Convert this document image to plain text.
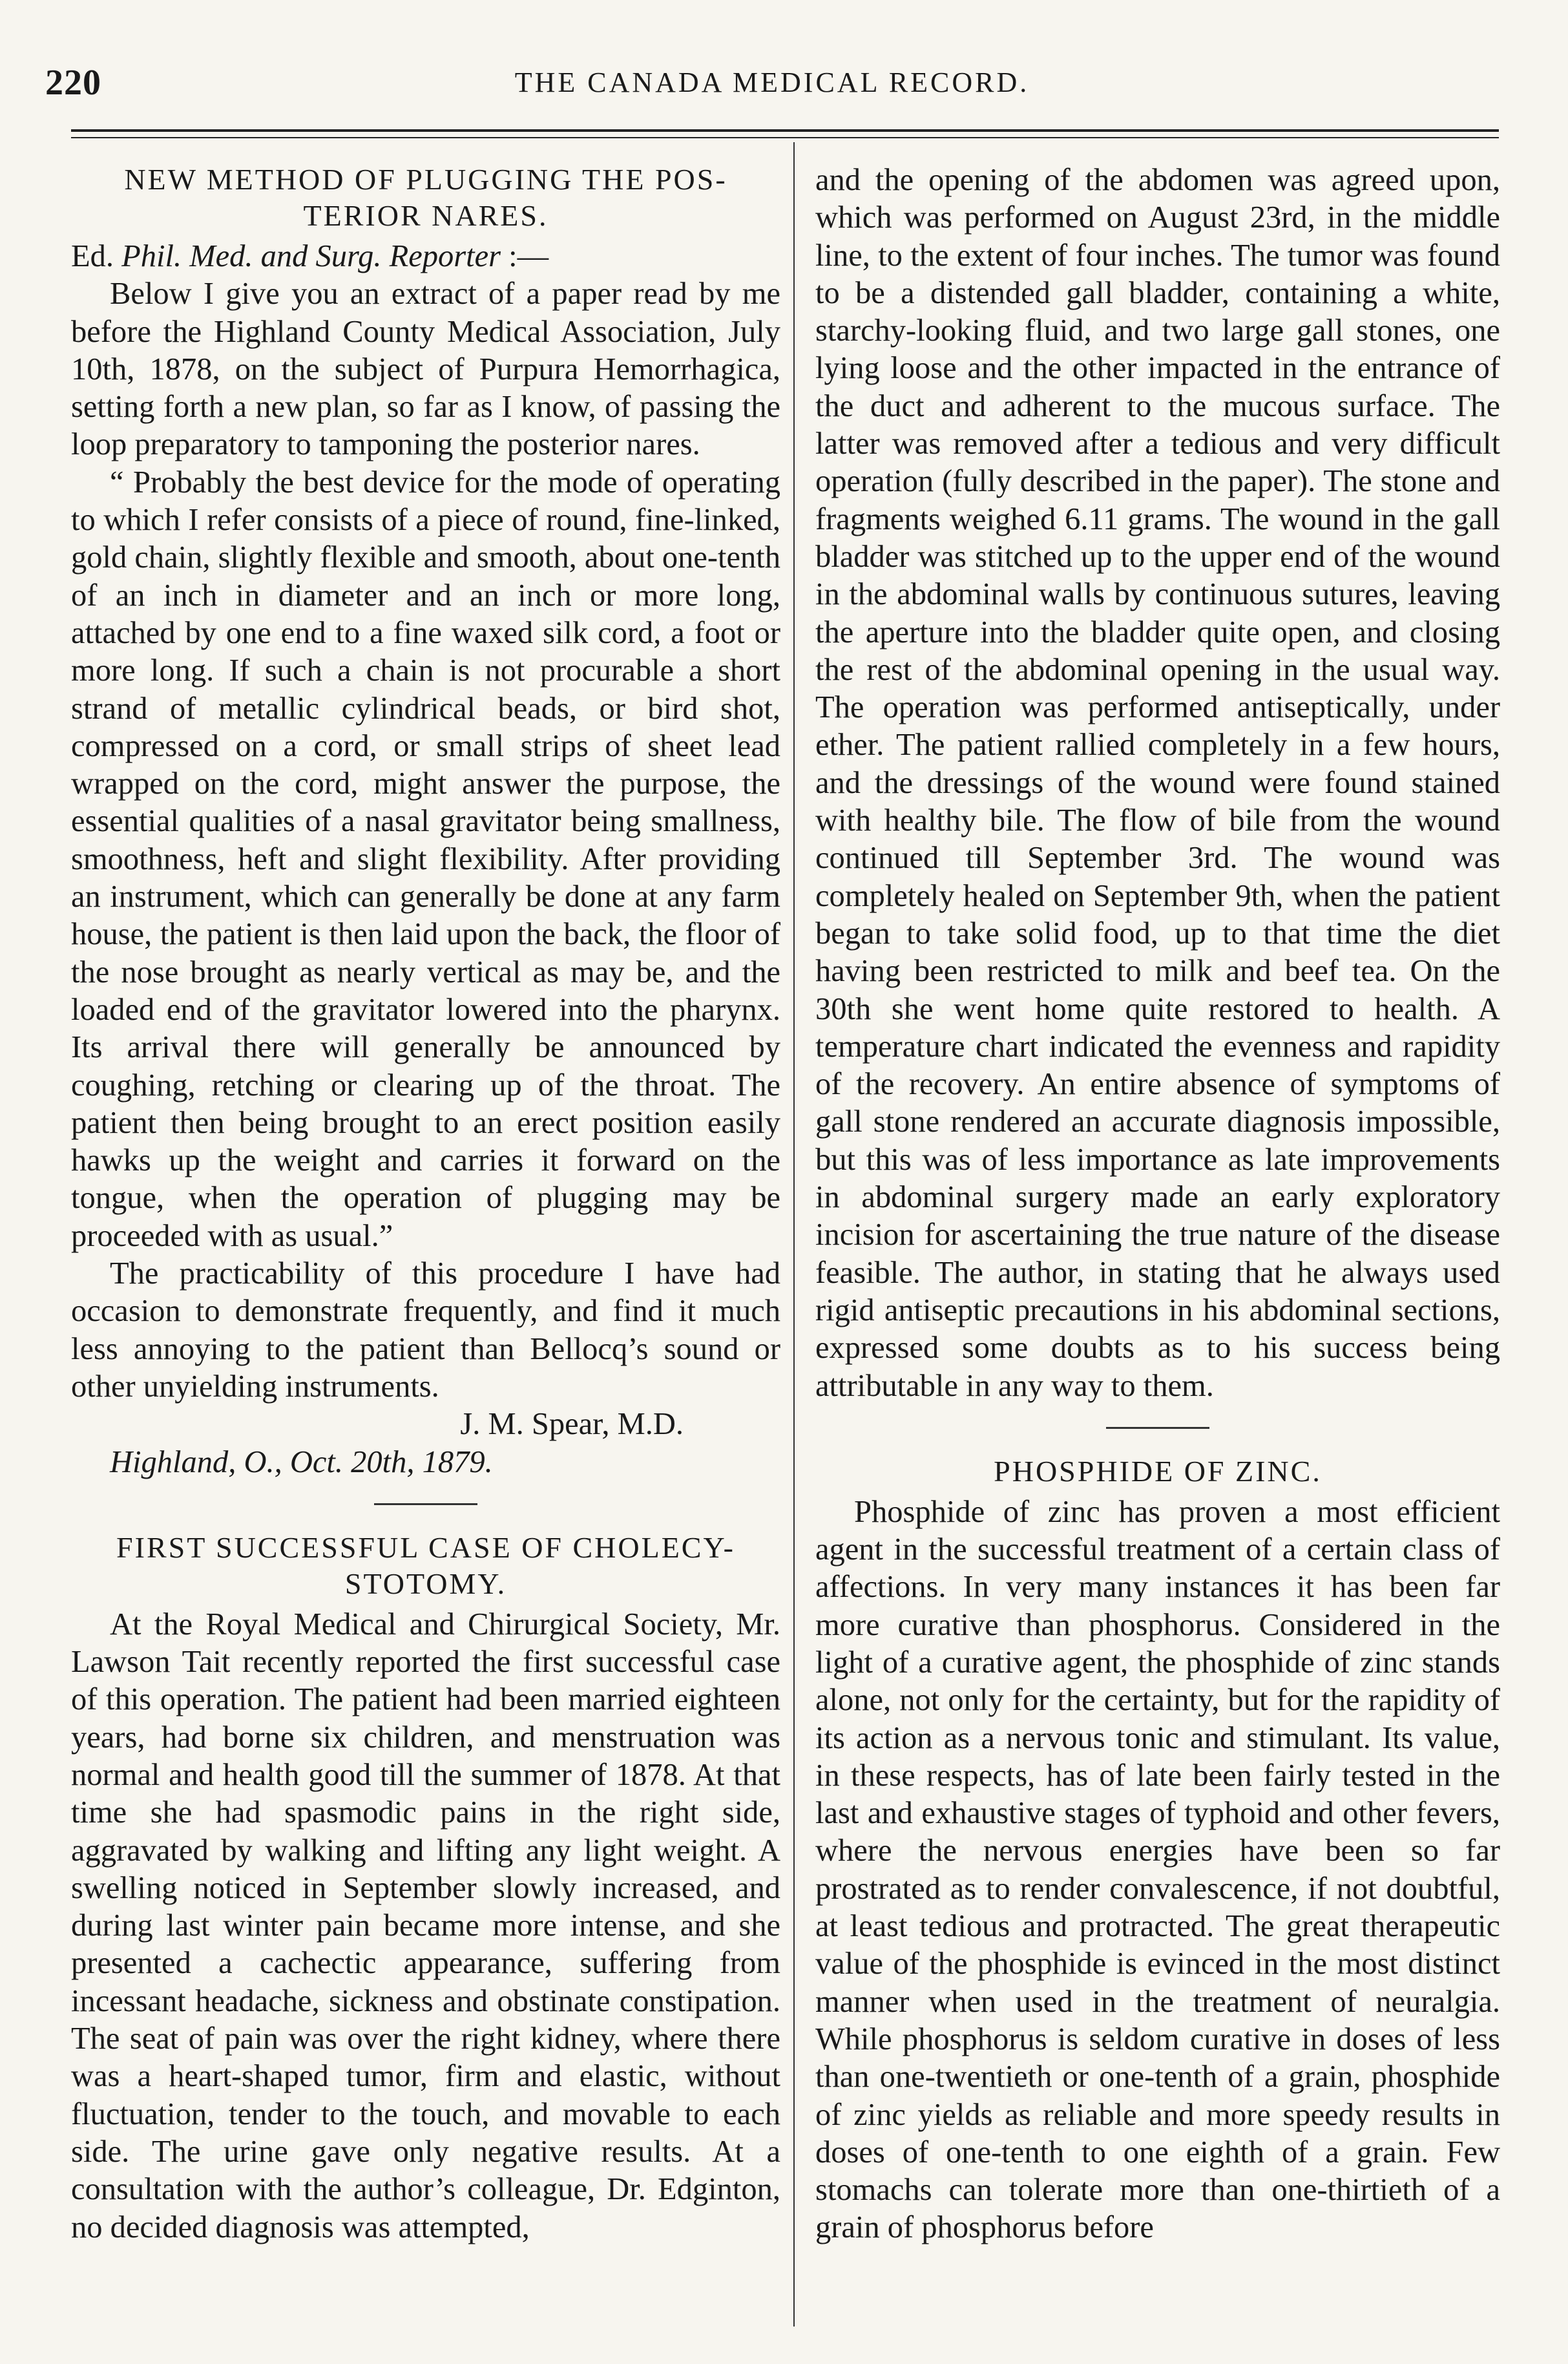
220	THE CANADA MEDICAL RECORD.
NEW METHOD OF PLUGGING THE POS-
TERIOR NARES.

Ed. Phil. Med. and Surg. Reporter :—

Below I give you an extract of a paper read by me before the Highland County Medical Association, July 10th, 1878, on the subject of Purpura Hemorrhagica, setting forth a new plan, so far as I know, of passing the loop preparatory to tamponing the posterior nares.

“ Probably the best device for the mode of operating to which I refer consists of a piece of round, fine-linked, gold chain, slightly flexible and smooth, about one-tenth of an inch in diameter and an inch or more long, attached by one end to a fine waxed silk cord, a foot or more long. If such a chain is not procurable a short strand of metallic cylindrical beads, or bird shot, compressed on a cord, or small strips of sheet lead wrapped on the cord, might answer the purpose, the essential qualities of a nasal gravitator being smallness, smoothness, heft and slight flexibility. After providing an instrument, which can generally be done at any farm house, the patient is then laid upon the back, the floor of the nose brought as nearly vertical as may be, and the loaded end of the gravitator lowered into the pharynx. Its arrival there will generally be announced by coughing, retching or clearing up of the throat. The patient then being brought to an erect position easily hawks up the weight and carries it forward on the tongue, when the operation of plugging may be proceeded with as usual.”

The practicability of this procedure I have had occasion to demonstrate frequently, and find it much less annoying to the patient than Bellocq’s sound or other unyielding instruments.

J. M. Spear, M.D.

Highland, O., Oct. 20th, 1879.

FIRST SUCCESSFUL CASE OF CHOLECY-
STOTOMY.

At the Royal Medical and Chirurgical Society, Mr. Lawson Tait recently reported the first successful case of this operation. The patient had been married eighteen years, had borne six children, and menstruation was normal and health good till the summer of 1878. At that time she had spasmodic pains in the right side, aggravated by walking and lifting any light weight. A swelling noticed in September slowly increased, and during last winter pain became more intense, and she presented a cachectic appearance, suffering from incessant headache, sickness and obstinate constipation. The seat of pain was over the right kidney, where there was a heart-shaped tumor, firm and elastic, without fluctuation, tender to the touch, and movable to each side. The urine gave only negative results. At a consultation with the author’s colleague, Dr. Edginton, no decided diagnosis was attempted,

and the opening of the abdomen was agreed upon, which was performed on August 23rd, in the middle line, to the extent of four inches. The tumor was found to be a distended gall bladder, containing a white, starchy-looking fluid, and two large gall stones, one lying loose and the other impacted in the entrance of the duct and adherent to the mucous surface. The latter was removed after a tedious and very difficult operation (fully described in the paper). The stone and fragments weighed 6.11 grams. The wound in the gall bladder was stitched up to the upper end of the wound in the abdominal walls by continuous sutures, leaving the aperture into the bladder quite open, and closing the rest of the abdominal opening in the usual way. The operation was performed antiseptically, under ether. The patient rallied completely in a few hours, and the dressings of the wound were found stained with healthy bile. The flow of bile from the wound continued till September 3rd. The wound was completely healed on September 9th, when the patient began to take solid food, up to that time the diet having been restricted to milk and beef tea. On the 30th she went home quite restored to health. A temperature chart indicated the evenness and rapidity of the recovery. An entire absence of symptoms of gall stone rendered an accurate diagnosis impossible, but this was of less importance as late improvements in abdominal surgery made an early exploratory incision for ascertaining the true nature of the disease feasible. The author, in stating that he always used rigid antiseptic precautions in his abdominal sections, expressed some doubts as to his success being attributable in any way to them.

PHOSPHIDE OF ZINC.

Phosphide of zinc has proven a most efficient agent in the successful treatment of a certain class of affections. In very many instances it has been far more curative than phosphorus. Considered in the light of a curative agent, the phosphide of zinc stands alone, not only for the certainty, but for the rapidity of its action as a nervous tonic and stimulant. Its value, in these respects, has of late been fairly tested in the last and exhaustive stages of typhoid and other fevers, where the nervous energies have been so far prostrated as to render convalescence, if not doubtful, at least tedious and protracted. The great therapeutic value of the phosphide is evinced in the most distinct manner when used in the treatment of neuralgia. While phosphorus is seldom curative in doses of less than one-twentieth or one-tenth of a grain, phosphide of zinc yields as reliable and more speedy results in doses of one-tenth to one eighth of a grain. Few stomachs can tolerate more than one-thirtieth of a grain of phosphorus before
